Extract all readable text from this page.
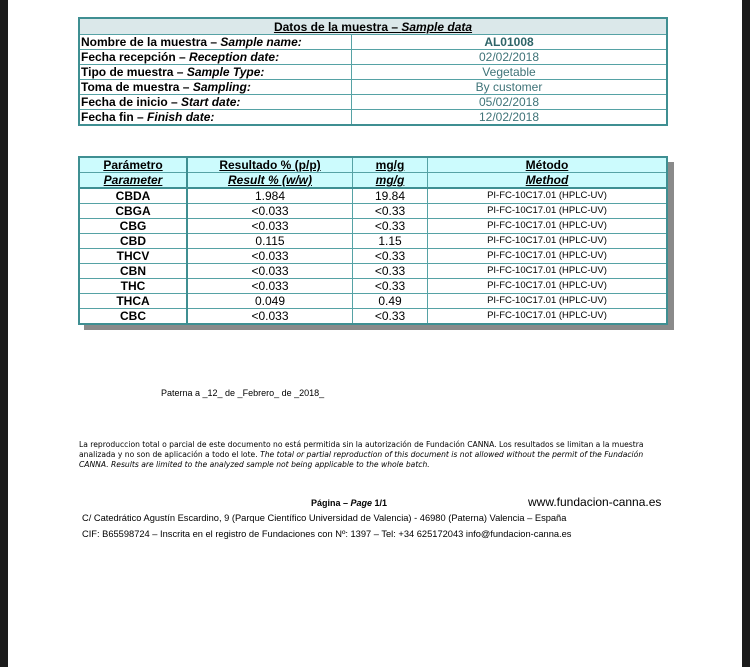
Datos de la muestra – Sample data	
Nombre de la muestra – Sample name:	AL01008
Fecha recepción – Reception date:	02/02/2018
Tipo de muestra – Sample Type:	Vegetable
Toma de muestra – Sampling:	By customer
Fecha de inicio – Start date:	05/02/2018
Fecha fin – Finish date:	12/02/2018
Parámetro	Resultado % (p/p)	mg/g	Método
Parameter	Result % (w/w)	mg/g	Method
CBDA	1.984	19.84	PI-FC-10C17.01 (HPLC-UV)
CBGA	<0.033	<0.33	PI-FC-10C17.01 (HPLC-UV)
CBG	<0.033	<0.33	PI-FC-10C17.01 (HPLC-UV)
CBD	0.115	1.15	PI-FC-10C17.01 (HPLC-UV)
THCV	<0.033	<0.33	PI-FC-10C17.01 (HPLC-UV)
CBN	<0.033	<0.33	PI-FC-10C17.01 (HPLC-UV)
THC	<0.033	<0.33	PI-FC-10C17.01 (HPLC-UV)
THCA	0.049	0.49	PI-FC-10C17.01 (HPLC-UV)
CBC	<0.033	<0.33	PI-FC-10C17.01 (HPLC-UV)
Paterna a _12_ de _Febrero_ de _2018_
La reproduccion total o parcial de este documento no está permitida sin la autorización de Fundación CANNA. Los resultados se limitan a la muestra analizada y no son de aplicación a todo el lote. The total or partial reproduction of this document is not allowed without the permit of the Fundación CANNA. Results are limited to the analyzed sample not being applicable to the whole batch.
Página – Page 1/1	www.fundacion-canna.es
C/ Catedrático Agustín Escardino, 9 (Parque Científico Universidad de Valencia) - 46980 (Paterna) Valencia – España
CIF: B65598724 – Inscrita en el registro de Fundaciones con Nº: 1397 – Tel: +34 625172043 info@fundacion-canna.es
